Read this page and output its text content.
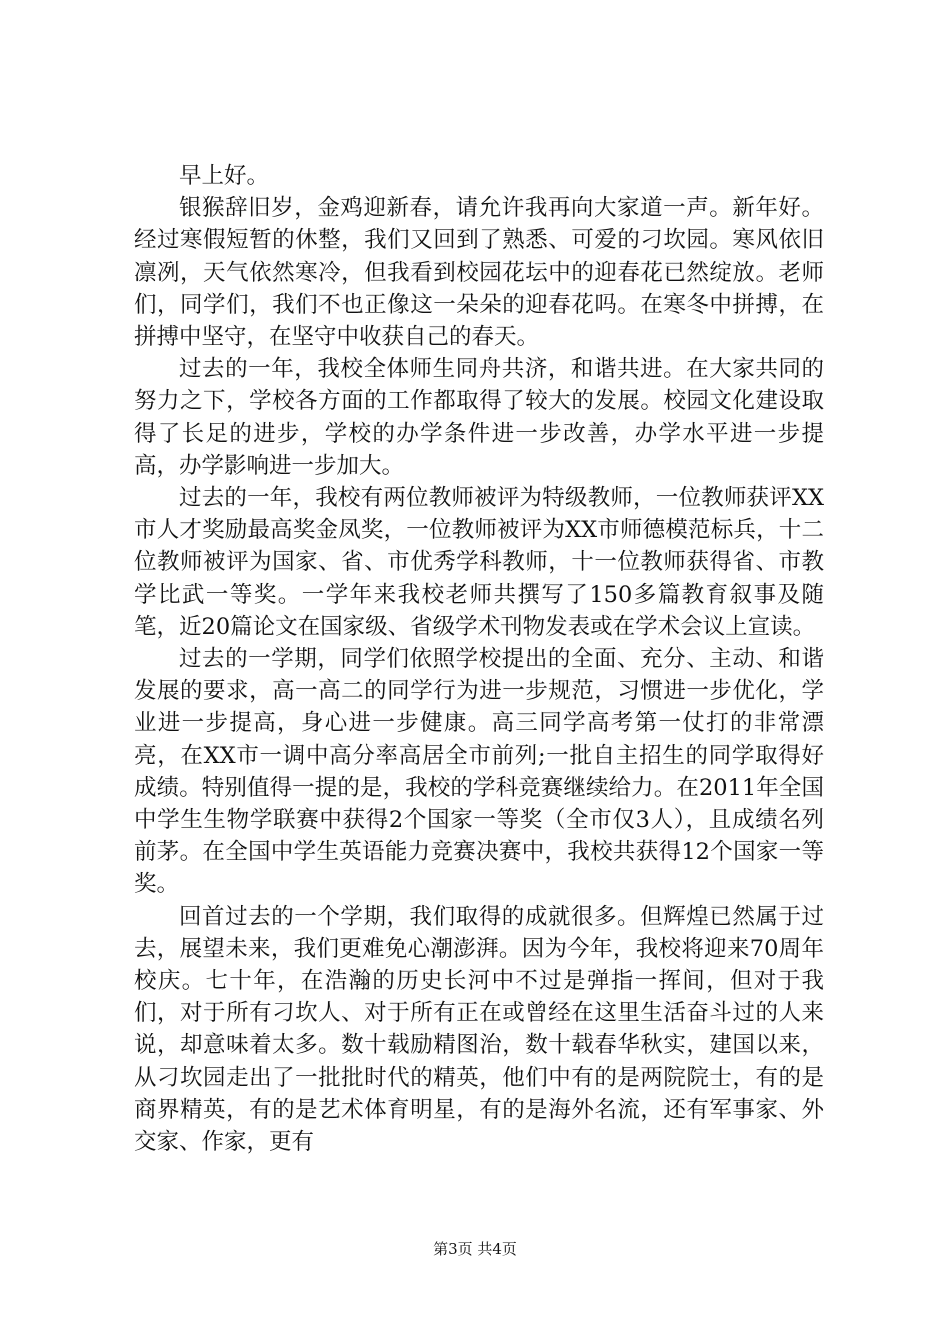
早上好。

银猴辞旧岁，金鸡迎新春，请允许我再向大家道一声。新年好。经过寒假短暂的休整，我们又回到了熟悉、可爱的刁坎园。寒风依旧凛冽，天气依然寒冷，但我看到校园花坛中的迎春花已然绽放。老师们，同学们，我们不也正像这一朵朵的迎春花吗。在寒冬中拼搏，在拼搏中坚守，在坚守中收获自己的春天。

过去的一年，我校全体师生同舟共济，和谐共进。在大家共同的努力之下，学校各方面的工作都取得了较大的发展。校园文化建设取得了长足的进步，学校的办学条件进一步改善，办学水平进一步提高，办学影响进一步加大。

过去的一年，我校有两位教师被评为特级教师，一位教师获评XX市人才奖励最高奖金凤奖，一位教师被评为XX市师德模范标兵，十二位教师被评为国家、省、市优秀学科教师，十一位教师获得省、市教学比武一等奖。一学年来我校老师共撰写了150多篇教育叙事及随笔，近20篇论文在国家级、省级学术刊物发表或在学术会议上宣读。

过去的一学期，同学们依照学校提出的全面、充分、主动、和谐发展的要求，高一高二的同学行为进一步规范，习惯进一步优化，学业进一步提高，身心进一步健康。高三同学高考第一仗打的非常漂亮，在XX市一调中高分率高居全市前列;一批自主招生的同学取得好成绩。特别值得一提的是，我校的学科竞赛继续给力。在2011年全国中学生生物学联赛中获得2个国家一等奖（全市仅3人），且成绩名列前茅。在全国中学生英语能力竞赛决赛中，我校共获得12个国家一等奖。

回首过去的一个学期，我们取得的成就很多。但辉煌已然属于过去，展望未来，我们更难免心潮澎湃。因为今年，我校将迎来70周年校庆。七十年，在浩瀚的历史长河中不过是弹指一挥间，但对于我们，对于所有刁坎人、对于所有正在或曾经在这里生活奋斗过的人来说，却意味着太多。数十载励精图治，数十载春华秋实，建国以来，从刁坎园走出了一批批时代的精英，他们中有的是两院院士，有的是商界精英，有的是艺术体育明星，有的是海外名流，还有军事家、外交家、作家，更有

第3页 共4页
